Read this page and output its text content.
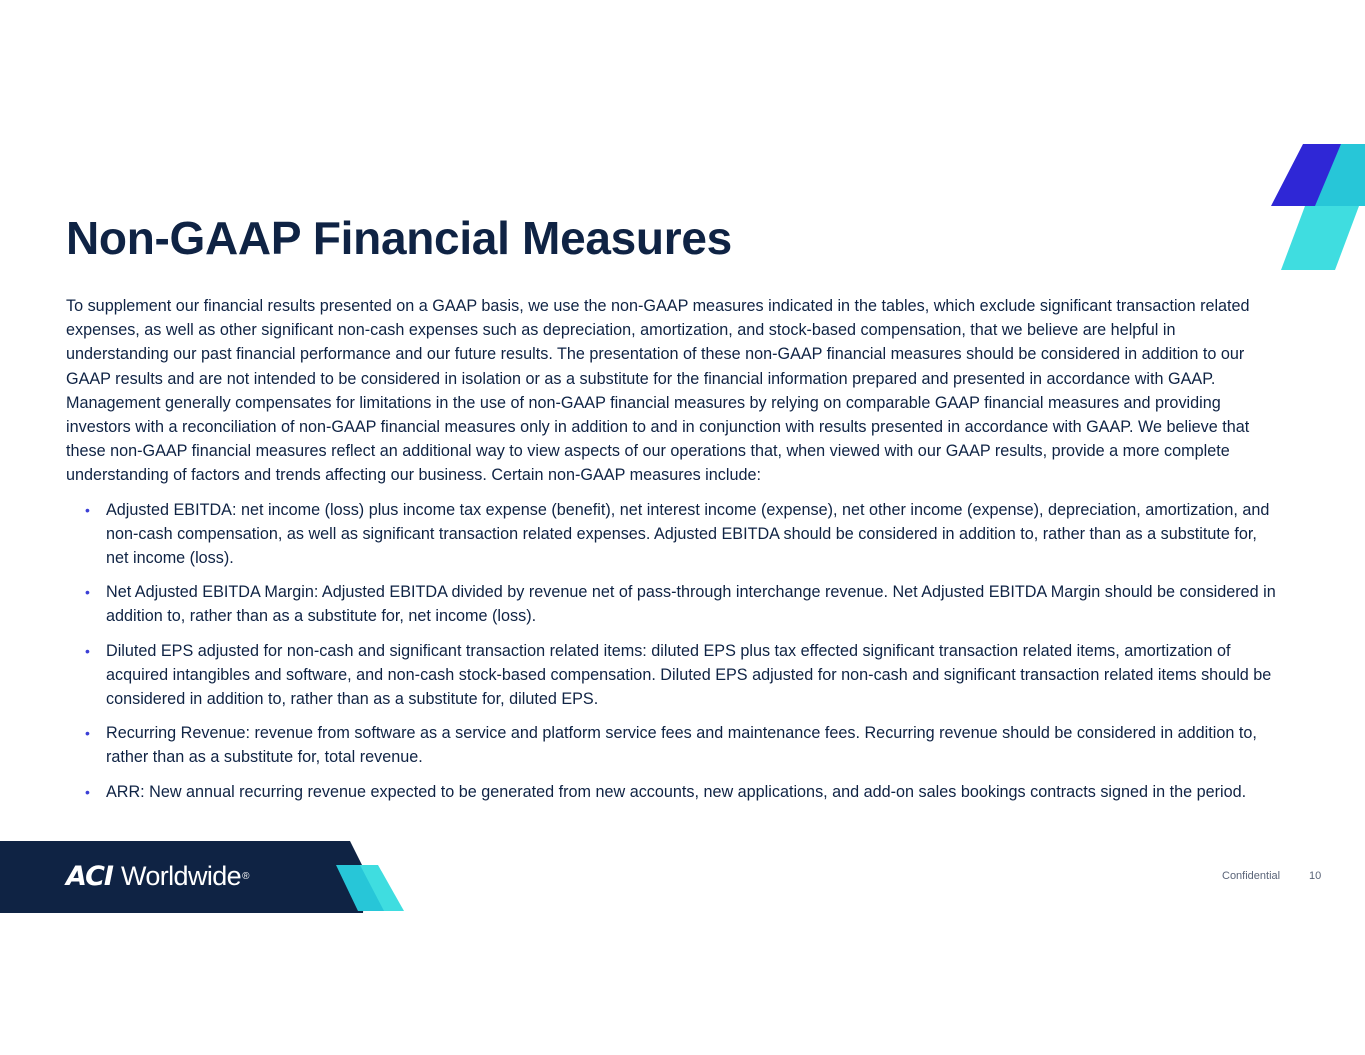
Non-GAAP Financial Measures

To supplement our financial results presented on a GAAP basis, we use the non-GAAP measures indicated in the tables, which exclude significant transaction related expenses, as well as other significant non-cash expenses such as depreciation, amortization, and stock-based compensation, that we believe are helpful in understanding our past financial performance and our future results. The presentation of these non-GAAP financial measures should be considered in addition to our GAAP results and are not intended to be considered in isolation or as a substitute for the financial information prepared and presented in accordance with GAAP. Management generally compensates for limitations in the use of non-GAAP financial measures by relying on comparable GAAP financial measures and providing investors with a reconciliation of non-GAAP financial measures only in addition to and in conjunction with results presented in accordance with GAAP. We believe that these non-GAAP financial measures reflect an additional way to view aspects of our operations that, when viewed with our GAAP results, provide a more complete understanding of factors and trends affecting our business. Certain non-GAAP measures include:

• Adjusted EBITDA: net income (loss) plus income tax expense (benefit), net interest income (expense), net other income (expense), depreciation, amortization, and non-cash compensation, as well as significant transaction related expenses. Adjusted EBITDA should be considered in addition to, rather than as a substitute for, net income (loss).
• Net Adjusted EBITDA Margin: Adjusted EBITDA divided by revenue net of pass-through interchange revenue. Net Adjusted EBITDA Margin should be considered in addition to, rather than as a substitute for, net income (loss).
• Diluted EPS adjusted for non-cash and significant transaction related items: diluted EPS plus tax effected significant transaction related items, amortization of acquired intangibles and software, and non-cash stock-based compensation. Diluted EPS adjusted for non-cash and significant transaction related items should be considered in addition to, rather than as a substitute for, diluted EPS.
• Recurring Revenue: revenue from software as a service and platform service fees and maintenance fees. Recurring revenue should be considered in addition to, rather than as a substitute for, total revenue.
• ARR: New annual recurring revenue expected to be generated from new accounts, new applications, and add-on sales bookings contracts signed in the period.
ACI Worldwide ®	Confidential	10
